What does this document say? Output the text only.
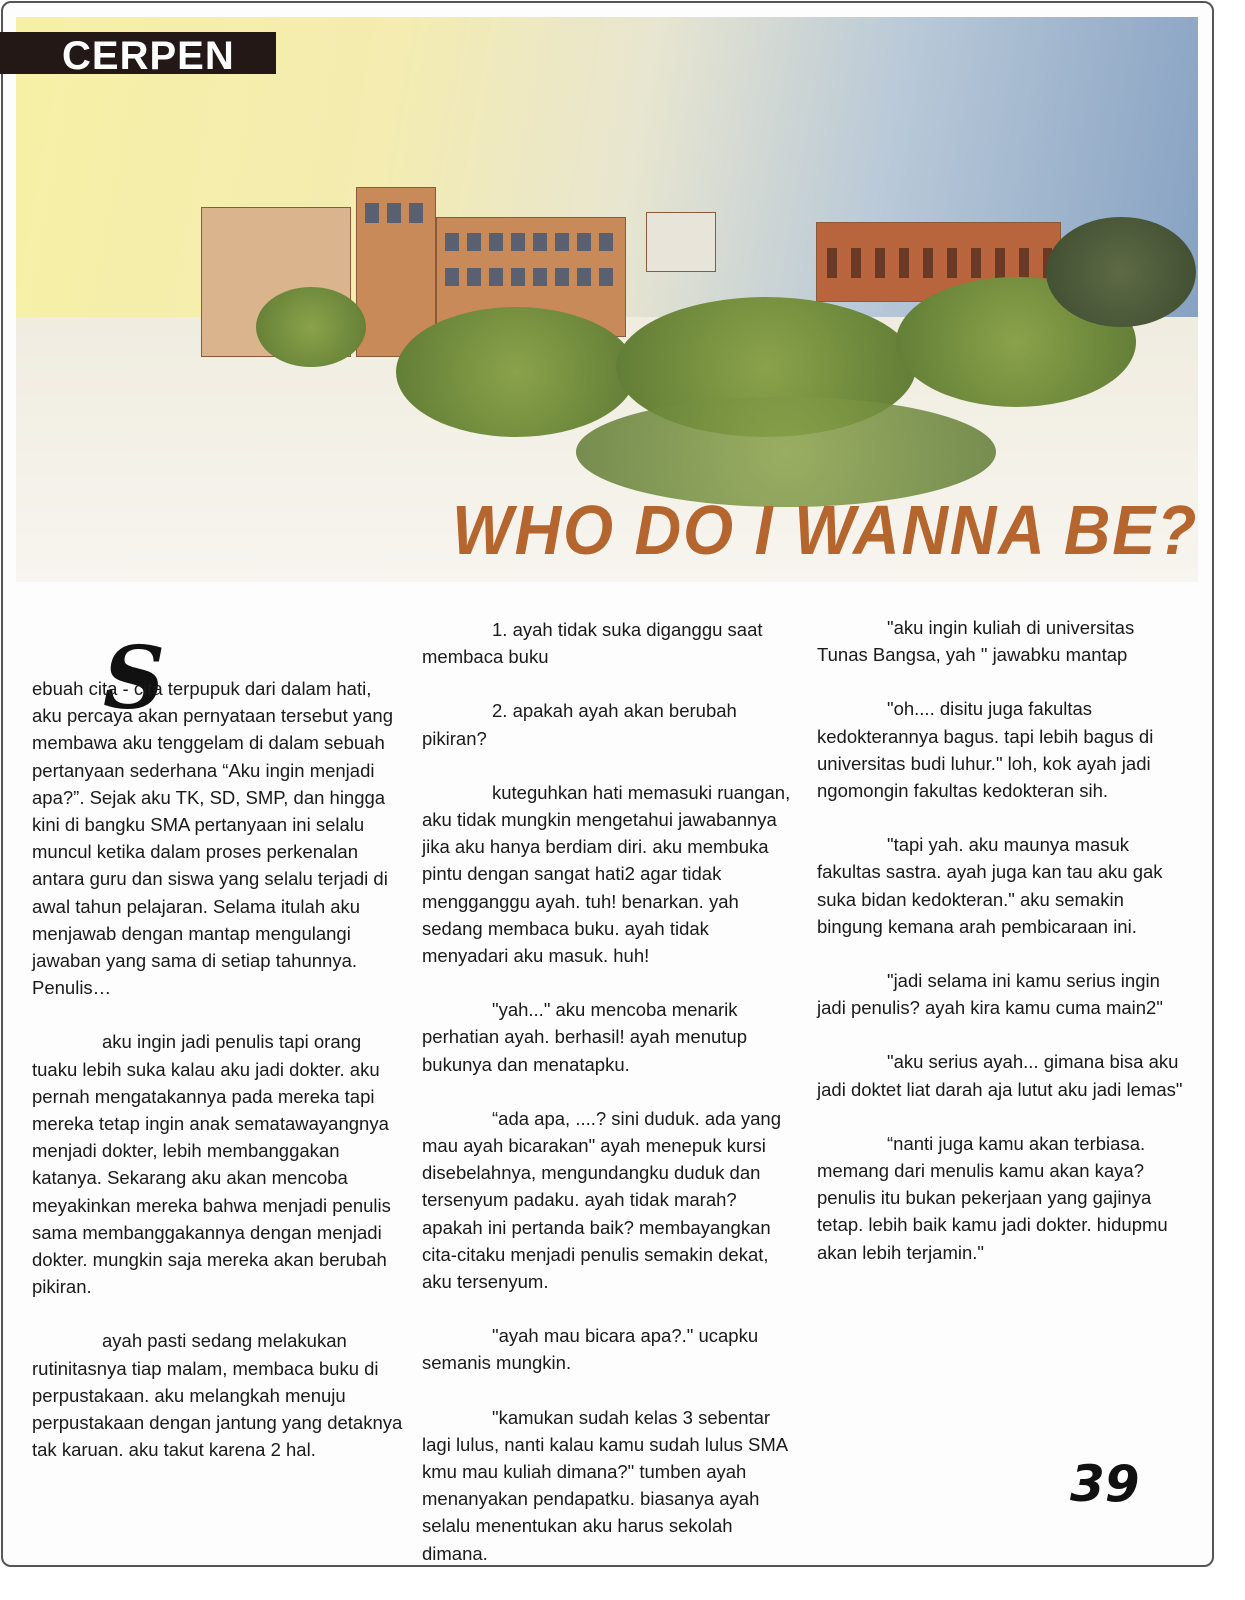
CERPEN
WHO DO I WANNA BE?
S

ebuah cita - cita terpupuk dari dalam hati, aku percaya akan pernyataan tersebut yang membawa aku tenggelam di dalam sebuah pertanyaan sederhana “Aku ingin menjadi apa?”. Sejak aku TK, SD, SMP, dan hingga kini di bangku SMA pertanyaan ini selalu muncul ketika dalam proses perkenalan antara guru dan siswa yang selalu terjadi di awal tahun pelajaran. Selama itulah aku menjawab dengan mantap mengulangi jawaban yang sama di setiap tahunnya. Penulis…

aku ingin jadi penulis tapi orang tuaku lebih suka kalau aku jadi dokter. aku pernah mengatakannya pada mereka tapi mereka tetap ingin anak sematawayangnya menjadi dokter, lebih membanggakan katanya. Sekarang aku akan mencoba meyakinkan mereka bahwa menjadi penulis sama membanggakannya dengan menjadi dokter. mungkin saja mereka akan berubah pikiran.

ayah pasti sedang melakukan rutinitasnya tiap malam, membaca buku di perpustakaan. aku melangkah menuju perpustakaan dengan jantung yang detaknya tak karuan. aku takut karena 2 hal.

1. ayah tidak suka diganggu saat membaca buku

2. apakah ayah akan berubah pikiran?

kuteguhkan hati memasuki ruangan, aku tidak mungkin mengetahui jawabannya jika aku hanya berdiam diri. aku membuka pintu dengan sangat hati2 agar tidak mengganggu ayah. tuh! benarkan. yah sedang membaca buku. ayah tidak menyadari aku masuk. huh!

"yah..." aku mencoba menarik perhatian ayah. berhasil! ayah menutup bukunya dan menatapku.

“ada apa, ....? sini duduk. ada yang mau ayah bicarakan" ayah menepuk kursi disebelahnya, mengundangku duduk dan tersenyum padaku. ayah tidak marah? apakah ini pertanda baik? membayangkan cita-citaku menjadi penulis semakin dekat, aku tersenyum.

"ayah mau bicara apa?." ucapku semanis mungkin.

"kamukan sudah kelas 3 sebentar lagi lulus, nanti kalau kamu sudah lulus SMA kmu mau kuliah dimana?" tumben ayah menanyakan pendapatku. biasanya ayah selalu menentukan aku harus sekolah dimana.

"aku ingin kuliah di universitas Tunas Bangsa, yah " jawabku mantap

"oh.... disitu juga fakultas kedokterannya bagus. tapi lebih bagus di universitas budi luhur." loh, kok ayah jadi ngomongin fakultas kedokteran sih.

"tapi yah. aku maunya masuk fakultas sastra. ayah juga kan tau aku gak suka bidan kedokteran." aku semakin bingung kemana arah pembicaraan ini.

"jadi selama ini kamu serius ingin jadi penulis? ayah kira kamu cuma main2"

"aku serius ayah... gimana bisa aku jadi doktet liat darah aja lutut aku jadi lemas"

“nanti juga kamu akan terbiasa. memang dari menulis kamu akan kaya? penulis itu bukan pekerjaan yang gajinya tetap. lebih baik kamu jadi dokter. hidupmu akan lebih terjamin."

39
